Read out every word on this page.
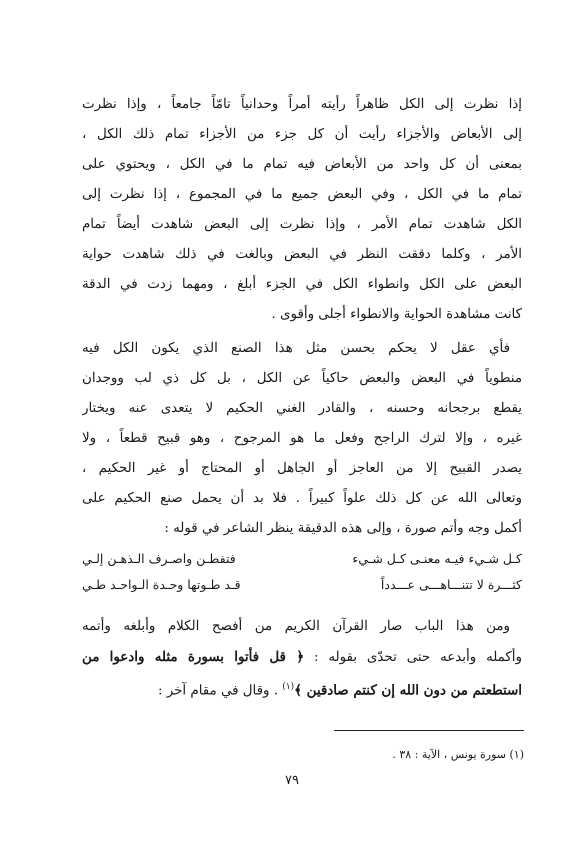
إذا نظرت إلى الكل ظاهراً رأيته أمراً وحدانياً تامّاً جامعاً ، وإذا نظرت
إلى الأبعاض والأجزاء رأيت أن كل جزء من الأجزاء تمام ذلك الكل ،
بمعنى أن كل واحد من الأبعاض فيه تمام ما في الكل ، ويحتوي على
تمام ما في الكل ، وفي البعض جميع ما في المجموع ، إذا نظرت إلى
الكل شاهدت تمام الأمر ، وإذا نظرت إلى البعض شاهدت أيضاً تمام
الأمر ، وكلما دققت النظر في البعض وبالغت في ذلك شاهدت حواية
البعض على الكل وانطواء الكل في الجزء أبلغ ، ومهما زدت في الدقة
كانت مشاهدة الحواية والانطواء أجلى وأقوى .
فأي عقل لا يحكم بحسن مثل هذا الصنع الذي يكون الكل فيه
منطوياً في البعض والبعض حاكياً عن الكل ، بل كل ذي لب ووجدان
يقطع برجحانه وحسنه ، والقادر الغني الحكيم لا يتعدى عنه ويختار
غيره ، وإلا لترك الراجح وفعل ما هو المرجوح ، وهو قبيح قطعاً ، ولا
يصدر القبيح إلا من العاجز أو الجاهل أو المحتاج أو غير الحكيم ،
وتعالى الله عن كل ذلك علواً كبيراً . فلا بد أن يحمل صنع الحكيم على
أكمل وجه وأتم صورة ، وإلى هذه الدقيقة ينظر الشاعر في قوله :
كـل شـيء فيـه معنـى كـل شـيء
فتفطـن واصـرف الـذهـن إلـي
كثـــرة لا تتنـــاهـــى عـــدداً
قـد طـوتها وحـدة الـواحـد طـي
ومن هذا الباب صار القرآن الكريم من أفصح الكلام وأبلغه وأتمه
وأكمله وأبدعه حتى تحدّى بقوله : ﴿ قل فأتوا بسورة مثله وادعوا من
استطعتم من دون الله إن كنتم صادقين ﴾$^{(١)}$ . وقال في مقام آخر :
(١) سورة يونس ، الآية : ٣٨ .
٧٩
